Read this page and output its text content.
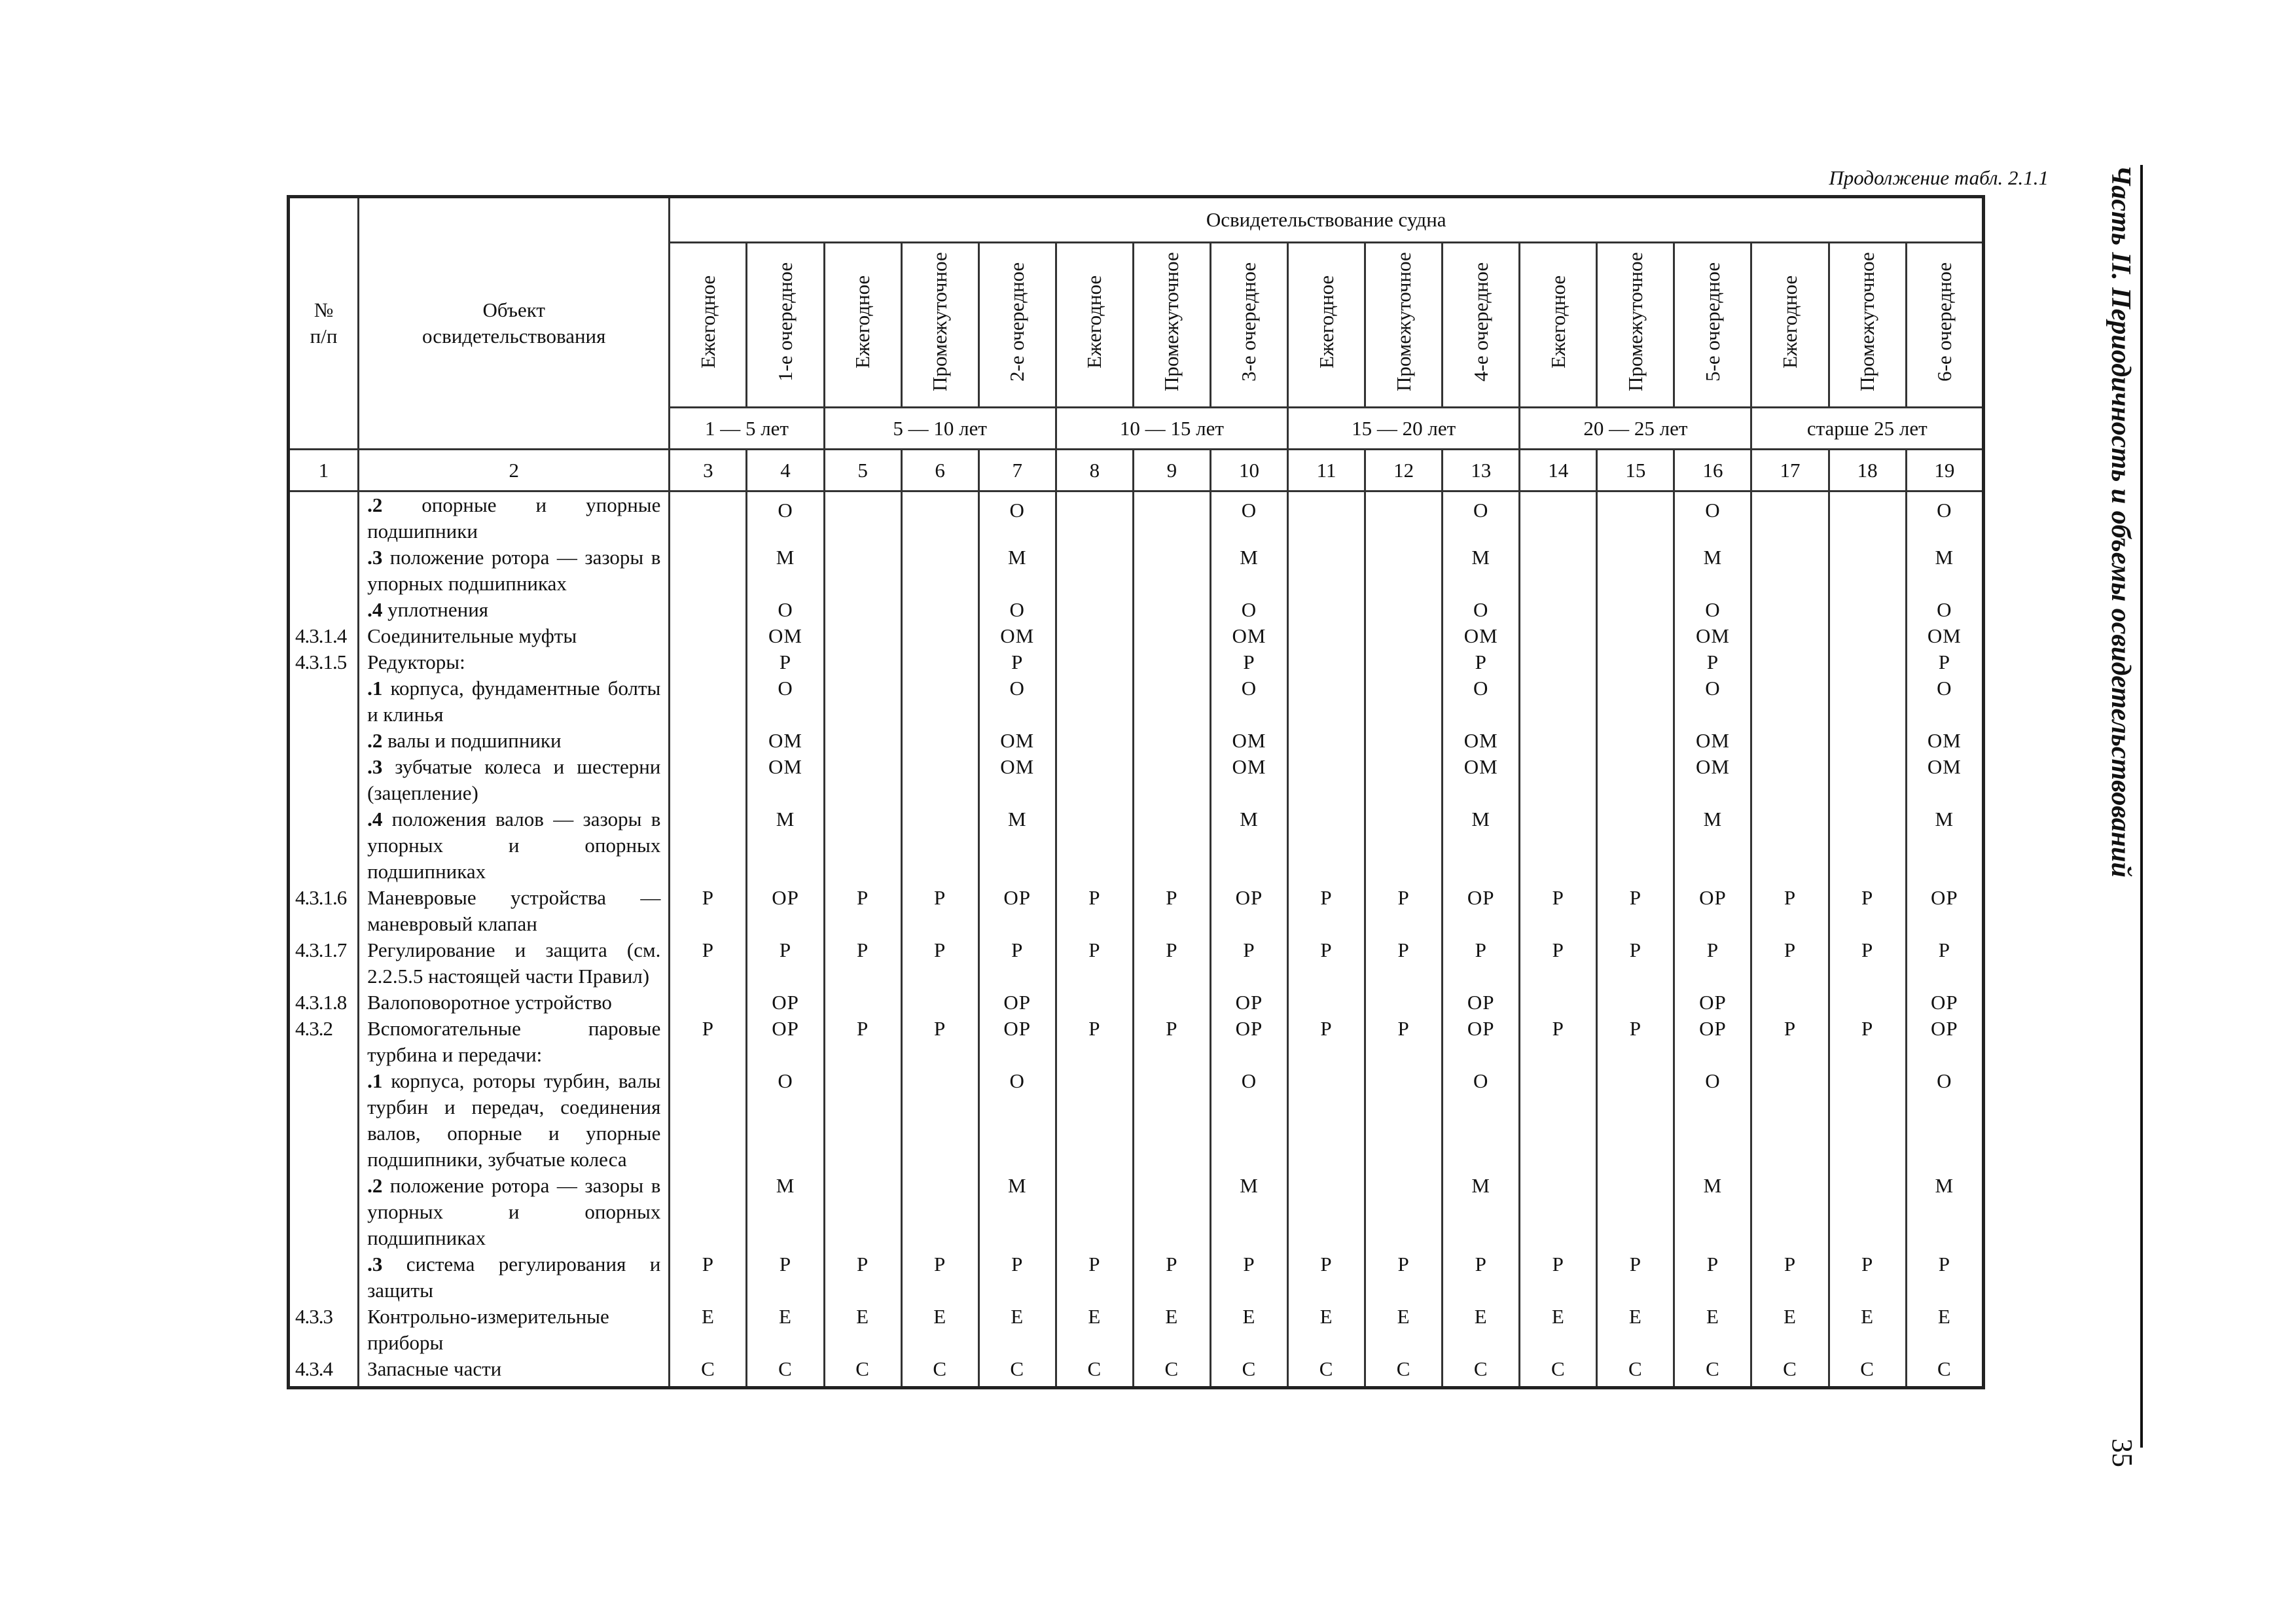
Продолжение табл. 2.1.1
№ п/п	Объект освидетельствования	Освидетельствование судна																
		Ежегодное	1-е очередное	Ежегодное	Промежуточное	2-е очередное	Ежегодное	Промежуточное	3-е очередное	Ежегодное	Промежуточное	4-е очередное	Ежегодное	Промежуточное	5-е очередное	Ежегодное	Промежуточное	6-е очередное
		1 — 5 лет		5 — 10 лет			10 — 15 лет			15 — 20 лет			20 — 25 лет			старше 25 лет		
1	2	3	4	5	6	7	8	9	10	11	12	13	14	15	16	17	18	19
	.2 опорные и упорные подшипники		О			О			О			О			О			О
	.3 положение ротора — зазоры в упорных подшипниках		М			М			М			М			М			М
	.4 уплотнения		О			О			О			О			О			О
4.3.1.4	Соединительные муфты		ОМ			ОМ			ОМ			ОМ			ОМ			ОМ
4.3.1.5	Редукторы:		Р			Р			Р			Р			Р			Р
	.1 корпуса, фундаментные болты и клинья		О			О			О			О			О			О
	.2 валы и подшипники		ОМ			ОМ			ОМ			ОМ			ОМ			ОМ
	.3 зубчатые колеса и шестерни (зацепление)		ОМ			ОМ			ОМ			ОМ			ОМ			ОМ
	.4 положения валов — зазоры в упорных и опорных подшипниках		М			М			М			М			М			М
4.3.1.6	Маневровые устройства — маневровый клапан	Р	ОР	Р	Р	ОР	Р	Р	ОР	Р	Р	ОР	Р	Р	ОР	Р	Р	ОР
4.3.1.7	Регулирование и защита (см. 2.2.5.5 настоящей части Правил)	Р	Р	Р	Р	Р	Р	Р	Р	Р	Р	Р	Р	Р	Р	Р	Р	Р
4.3.1.8	Валоповоротное устройство		ОР			ОР			ОР			ОР			ОР			ОР
4.3.2	Вспомогательные паровые турбина и передачи:	Р	ОР	Р	Р	ОР	Р	Р	ОР	Р	Р	ОР	Р	Р	ОР	Р	Р	ОР
	.1 корпуса, роторы турбин, валы турбин и передач, соединения валов, опорные и упорные подшипники, зубчатые колеса		О			О			О			О			О			О
	.2 положение ротора — зазоры в упорных и опорных подшипниках		М			М			М			М			М			М
	.3 система регулирования и защиты	Р	Р	Р	Р	Р	Р	Р	Р	Р	Р	Р	Р	Р	Р	Р	Р	Р
4.3.3	Контрольно-измерительные приборы	Е	Е	Е	Е	Е	Е	Е	Е	Е	Е	Е	Е	Е	Е	Е	Е	Е
4.3.4	Запасные части	С	С	С	С	С	С	С	С	С	С	С	С	С	С	С	С	С
Часть II. Периодичность и объемы освидетельствований
35
